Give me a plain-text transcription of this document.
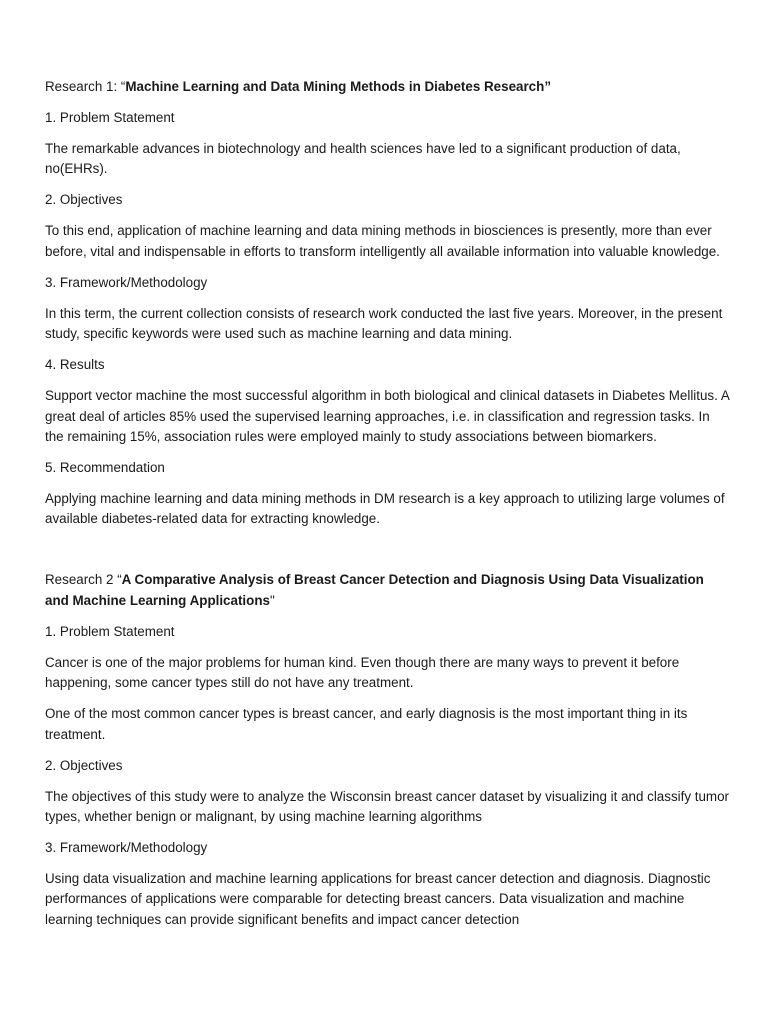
Research 1: “Machine Learning and Data Mining Methods in Diabetes Research”
1. Problem Statement
The remarkable advances in biotechnology and health sciences have led to a significant production of data, no(EHRs).
2. Objectives
To this end, application of machine learning and data mining methods in biosciences is presently, more than ever before, vital and indispensable in efforts to transform intelligently all available information into valuable knowledge.
3. Framework/Methodology
In this term, the current collection consists of research work conducted the last five years. Moreover, in the present study, specific keywords were used such as machine learning and data mining.
4. Results
Support vector machine the most successful algorithm in both biological and clinical datasets in Diabetes Mellitus. A great deal of articles 85% used the supervised learning approaches, i.e. in classification and regression tasks. In the remaining 15%, association rules were employed mainly to study associations between biomarkers.
5. Recommendation
Applying machine learning and data mining methods in DM research is a key approach to utilizing large volumes of available diabetes-related data for extracting knowledge.
Research 2 “A Comparative Analysis of Breast Cancer Detection and Diagnosis Using Data Visualization and Machine Learning Applications"
1. Problem Statement
Cancer is one of the major problems for human kind. Even though there are many ways to prevent it before happening, some cancer types still do not have any treatment.
One of the most common cancer types is breast cancer, and early diagnosis is the most important thing in its treatment.
2. Objectives
The objectives of this study were to analyze the Wisconsin breast cancer dataset by visualizing it and classify tumor types, whether benign or malignant, by using machine learning algorithms
3. Framework/Methodology
Using data visualization and machine learning applications for breast cancer detection and diagnosis. Diagnostic performances of applications were comparable for detecting breast cancers. Data visualization and machine learning techniques can provide significant benefits and impact cancer detection
